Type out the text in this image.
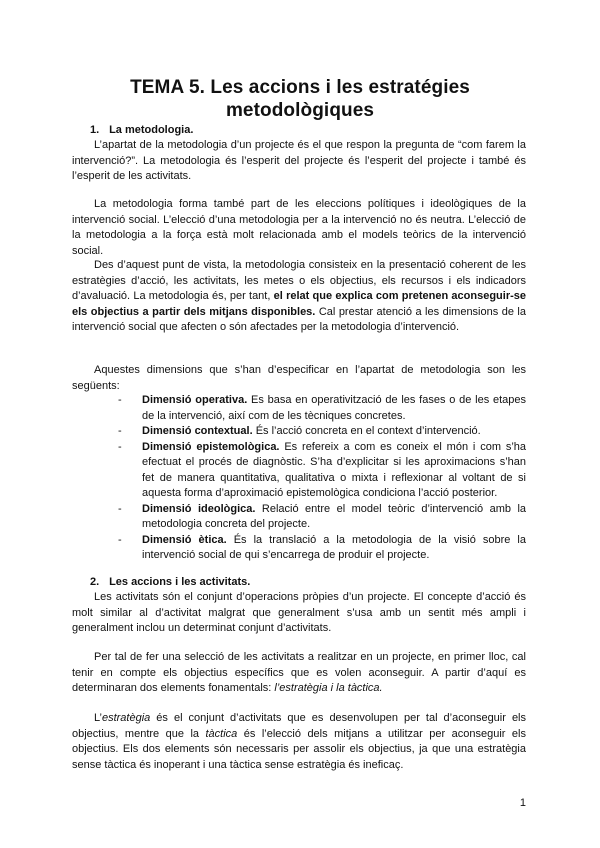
TEMA 5. Les accions i les estratégies
metodològiques
1. La metodologia.

L’apartat de la metodologia d’un projecte és el que respon la pregunta de “com farem la intervenció?”. La metodologia és l’esperit del projecte és l’esperit del projecte i també és l’esperit de les activitats.

La metodologia forma també part de les eleccions polítiques i ideològiques de la intervenció social. L’elecció d’una metodologia per a la intervenció no és neutra. L’elecció de la metodologia a la força està molt relacionada amb el models teòrics de la intervenció social.

Des d’aquest punt de vista, la metodologia consisteix en la presentació coherent de les estratègies d’acció, les activitats, les metes o els objectius, els recursos i els indicadors d’avaluació. La metodologia és, per tant, el relat que explica com pretenen aconseguir-se els objectius a partir dels mitjans disponibles. Cal prestar atenció a les dimensions de la intervenció social que afecten o són afectades per la metodologia d’intervenció.

Aquestes dimensions que s’han d’especificar en l’apartat de metodologia son les següents:

- Dimensió operativa. Es basa en operativització de les fases o de les etapes de la intervenció, així com de les tècniques concretes.
- Dimensió contextual. És l’acció concreta en el context d’intervenció.
- Dimensió epistemològica. Es refereix a com es coneix el món i com s’ha efectuat el procés de diagnòstic. S’ha d’explicitar si les aproximacions s’han fet de manera quantitativa, qualitativa o mixta i reflexionar al voltant de si aquesta forma d’aproximació epistemològica condiciona l’acció posterior.
- Dimensió ideològica. Relació entre el model teòric d’intervenció amb la metodologia concreta del projecte.
- Dimensió ètica. És la translació a la metodologia de la visió sobre la intervenció social de qui s’encarrega de produir el projecte.
2. Les accions i les activitats.

Les activitats són el conjunt d’operacions pròpies d’un projecte. El concepte d’acció és molt similar al d’activitat malgrat que generalment s’usa amb un sentit més ampli i generalment inclou un determinat conjunt d’activitats.

Per tal de fer una selecció de les activitats a realitzar en un projecte, en primer lloc, cal tenir en compte els objectius específics que es volen aconseguir. A partir d’aquí es determinaran dos elements fonamentals: l’estratègia i la tàctica.

L’estratègia és el conjunt d’activitats que es desenvolupen per tal d’aconseguir els objectius, mentre que la tàctica és l’elecció dels mitjans a utilitzar per aconseguir els objectius. Els dos elements són necessaris per assolir els objectius, ja que una estratègia sense tàctica és inoperant i una tàctica sense estratègia és ineficaç.

1
